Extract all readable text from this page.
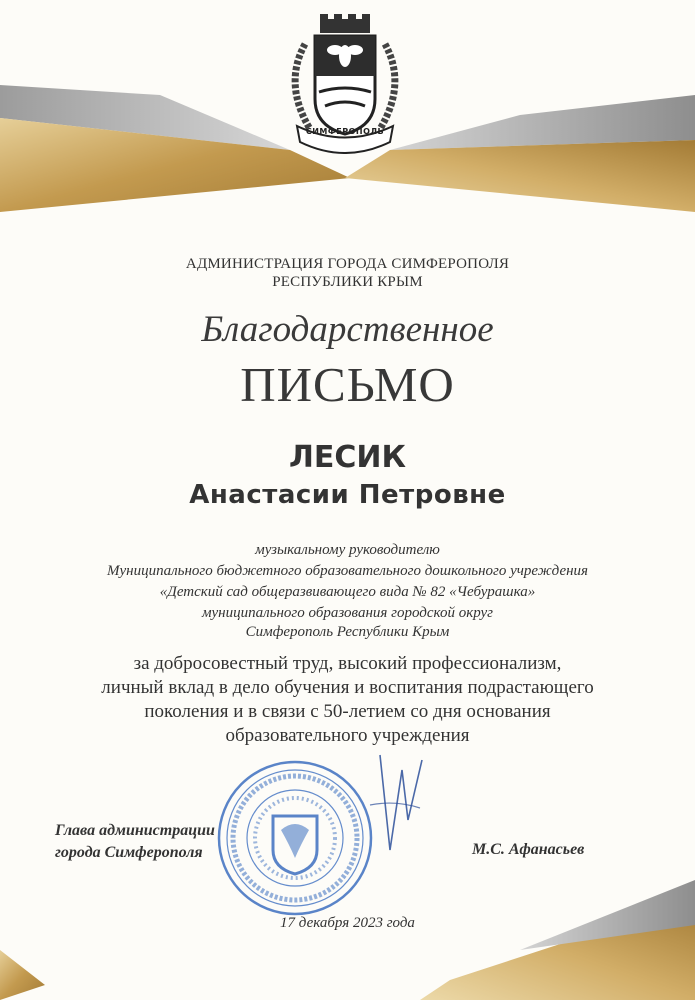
СИМФЕРОПОЛЬ
АДМИНИСТРАЦИЯ ГОРОДА СИМФЕРОПОЛЯ
РЕСПУБЛИКИ КРЫМ
Благодарственное
ПИСЬМО
ЛЕСИК
Анастасии Петровне
музыкальному руководителю
Муниципального бюджетного образовательного дошкольного учреждения
«Детский сад общеразвивающего вида № 82 «Чебурашка»
муниципального образования городской округ
Симферополь Республики Крым
за добросовестный труд, высокий профессионализм,
личный вклад в дело обучения и воспитания подрастающего
поколения и в связи с 50-летием со дня основания
образовательного учреждения
Глава администрации
города Симферополя	М.С. Афанасьев
17 декабря 2023 года
